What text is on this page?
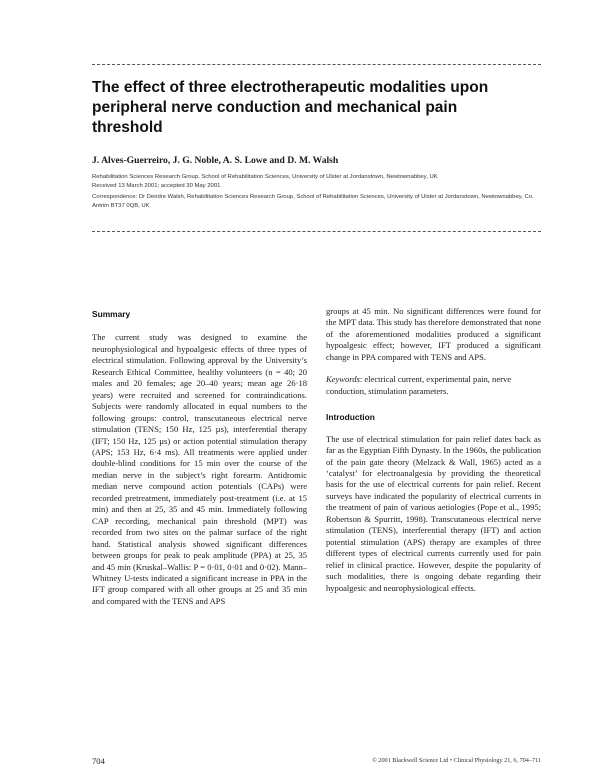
The effect of three electrotherapeutic modalities upon peripheral nerve conduction and mechanical pain threshold
J. Alves-Guerreiro, J. G. Noble, A. S. Lowe and D. M. Walsh
Rehabilitation Sciences Research Group, School of Rehabilitation Sciences, University of Ulster at Jordanstown, Newtownabbey, UK
Received 13 March 2001; accepted 30 May 2001
Correspondence: Dr Deirdre Walsh, Rehabilitation Sciences Research Group, School of Rehabilitation Sciences, University of Ulster at Jordanstown, Newtownabbey, Co. Antrim BT37 0QB, UK
Summary

The current study was designed to examine the neurophysiological and hypoalgesic effects of three types of electrical stimulation. Following approval by the University’s Research Ethical Committee, healthy volunteers (n = 40; 20 males and 20 females; age 20–40 years; mean age 26·18 years) were recruited and screened for contraindications. Subjects were randomly allocated in equal numbers to the following groups: control, transcutaneous electrical nerve stimulation (TENS; 150 Hz, 125 µs), interferential therapy (IFT; 150 Hz, 125 µs) or action potential stimulation therapy (APS; 153 Hz, 6·4 ms). All treatments were applied under double-blind conditions for 15 min over the course of the median nerve in the subject’s right forearm. Antidromic median nerve compound action potentials (CAPs) were recorded pretreatment, immediately post-treatment (i.e. at 15 min) and then at 25, 35 and 45 min. Immediately following CAP recording, mechanical pain threshold (MPT) was recorded from two sites on the palmar surface of the right hand. Statistical analysis showed significant differences between groups for peak to peak amplitude (PPA) at 25, 35 and 45 min (Kruskal–Wallis: P = 0·01, 0·01 and 0·02). Mann–Whitney U-tests indicated a significant increase in PPA in the IFT group compared with all other groups at 25 and 35 min and compared with the TENS and APS

groups at 45 min. No significant differences were found for the MPT data. This study has therefore demonstrated that none of the aforementioned modalities produced a significant hypoalgesic effect; however, IFT produced a significant change in PPA compared with TENS and APS.

Keywords: electrical current, experimental pain, nerve conduction, stimulation parameters.

Introduction

The use of electrical stimulation for pain relief dates back as far as the Egyptian Fifth Dynasty. In the 1960s, the publication of the pain gate theory (Melzack & Wall, 1965) acted as a ‘catalyst’ for electroanalgesia by providing the theoretical basis for the use of electrical currents for pain relief. Recent surveys have indicated the popularity of electrical currents in the treatment of pain of various aetiologies (Pope et al., 1995; Robertson & Spurritt, 1998). Transcutaneous electrical nerve stimulation (TENS), interferential therapy (IFT) and action potential stimulation (APS) therapy are examples of three different types of electrical currents currently used for pain relief in clinical practice. However, despite the popularity of such modalities, there is ongoing debate regarding their hypoalgesic and neurophysiological effects.

704	© 2001 Blackwell Science Ltd • Clinical Physiology 21, 6, 704–711
